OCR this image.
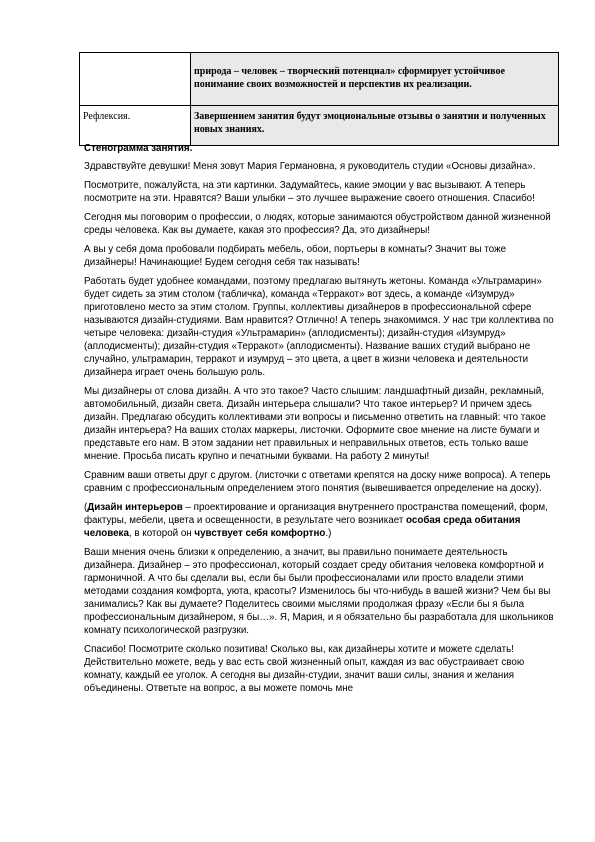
	природа – человек – творческий потенциал» сформирует устойчивое понимание своих возможностей и перспектив их реализации.
Рефлексия.	Завершением занятия будут эмоциональные отзывы о занятии и полученных новых знаниях.
Стенограмма занятия.

Здравствуйте девушки! Меня зовут Мария Германовна, я руководитель студии «Основы дизайна».

Посмотрите, пожалуйста, на эти картинки. Задумайтесь, какие эмоции у вас вызывают. А теперь посмотрите на эти. Нравятся? Ваши улыбки – это лучшее выражение своего отношения. Спасибо!

Сегодня мы поговорим о профессии, о людях, которые занимаются обустройством данной жизненной среды человека. Как вы думаете, какая это профессия? Да, это дизайнеры!

А вы у себя дома пробовали подбирать мебель, обои, портьеры в комнаты? Значит вы тоже дизайнеры! Начинающие! Будем сегодня себя так называть!

Работать будет удобнее командами, поэтому предлагаю вытянуть жетоны. Команда «Ультрамарин» будет сидеть за этим столом (табличка), команда «Терракот» вот здесь, а команде «Изумруд» приготовлено место за этим столом. Группы, коллективы дизайнеров в профессиональной сфере называются дизайн-студиями. Вам нравится? Отлично! А теперь знакомимся. У нас три коллектива по четыре человека: дизайн-студия «Ультрамарин» (аплодисменты); дизайн-студия «Изумруд» (аплодисменты); дизайн-студия «Терракот» (аплодисменты). Название ваших студий выбрано не случайно, ультрамарин, терракот и изумруд – это цвета, а цвет в жизни человека и деятельности дизайнера играет очень большую роль.

Мы дизайнеры от слова дизайн. А что это такое? Часто слышим: ландшафтный дизайн, рекламный, автомобильный, дизайн света. Дизайн интерьера слышали? Что такое интерьер? И причем здесь дизайн. Предлагаю обсудить коллективами эти вопросы и письменно ответить на главный: что такое дизайн интерьера? На ваших столах маркеры, листочки. Оформите свое мнение на листе бумаги и представьте его нам. В этом задании нет правильных и неправильных ответов, есть только ваше мнение. Просьба писать крупно и печатными буквами. На работу 2 минуты!

Сравним ваши ответы друг с другом. (листочки с ответами крепятся на доску ниже вопроса). А теперь сравним с профессиональным определением этого понятия (вывешивается определение на доску).

(Дизайн интерьеров – проектирование и организация внутреннего пространства помещений, форм, фактуры, мебели, цвета и освещенности, в результате чего возникает особая среда обитания человека, в которой он чувствует себя комфортно.)

Ваши мнения очень близки к определению, а значит, вы правильно понимаете деятельность дизайнера. Дизайнер – это профессионал, который создает среду обитания человека комфортной и гармоничной. А что бы сделали вы, если бы были профессионалами или просто владели этими методами создания комфорта, уюта, красоты? Изменилось бы что-нибудь в вашей жизни? Чем бы вы занимались? Как вы думаете? Поделитесь своими мыслями продолжая фразу «Если бы я была профессиональным дизайнером, я бы…». Я, Мария, и я обязательно бы разработала для школьников комнату психологической разгрузки.

Спасибо! Посмотрите сколько позитива! Сколько вы, как дизайнеры хотите и можете сделать! Действительно можете, ведь у вас есть свой жизненный опыт, каждая из вас обустраивает свою комнату, каждый ее уголок. А сегодня вы дизайн-студии, значит ваши силы, знания и желания объединены. Ответьте на вопрос, а вы можете помочь мне
